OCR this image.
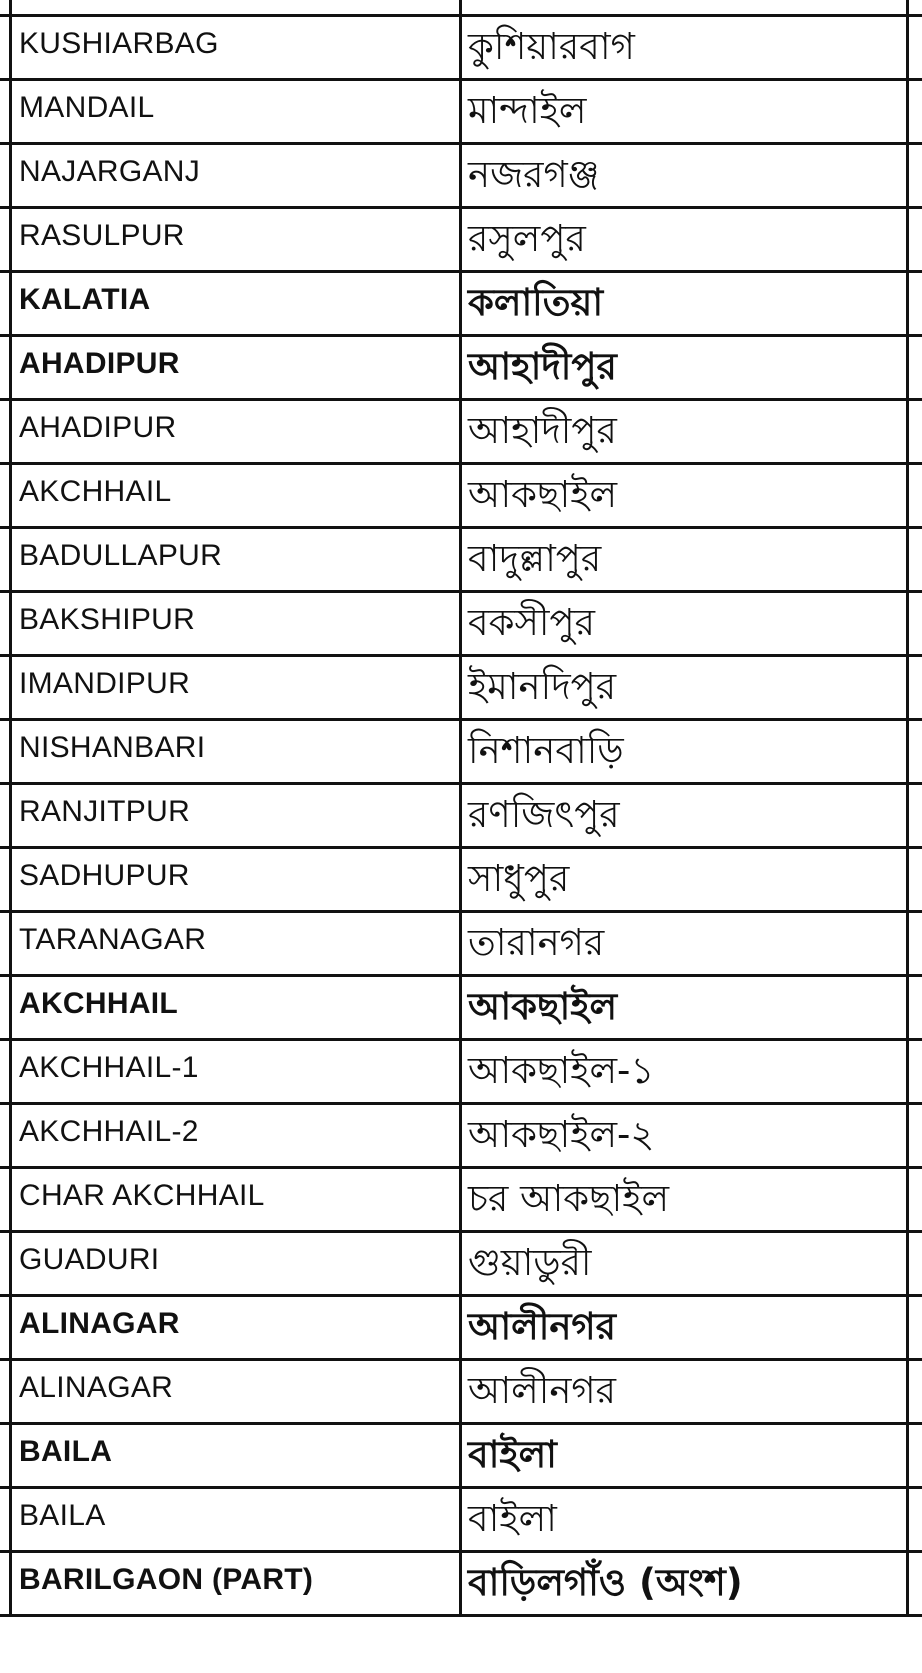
KUSHIARBAG	কুশিয়ারবাগ
MANDAIL	মান্দাইল
NAJARGANJ	নজরগঞ্জ
RASULPUR	রসুলপুর
KALATIA	কলাতিয়া
AHADIPUR	আহাদীপুর
AHADIPUR	আহাদীপুর
AKCHHAIL	আকছাইল
BADULLAPUR	বাদুল্লাপুর
BAKSHIPUR	বকসীপুর
IMANDIPUR	ইমানদিপুর
NISHANBARI	নিশানবাড়ি
RANJITPUR	রণজিৎপুর
SADHUPUR	সাধুপুর
TARANAGAR	তারানগর
AKCHHAIL	আকছাইল
AKCHHAIL-1	আকছাইল-১
AKCHHAIL-2	আকছাইল-২
CHAR AKCHHAIL	চর আকছাইল
GUADURI	গুয়াডুরী
ALINAGAR	আলীনগর
ALINAGAR	আলীনগর
BAILA	বাইলা
BAILA	বাইলা
BARILGAON (PART)	বাড়িলগাঁও (অংশ)
